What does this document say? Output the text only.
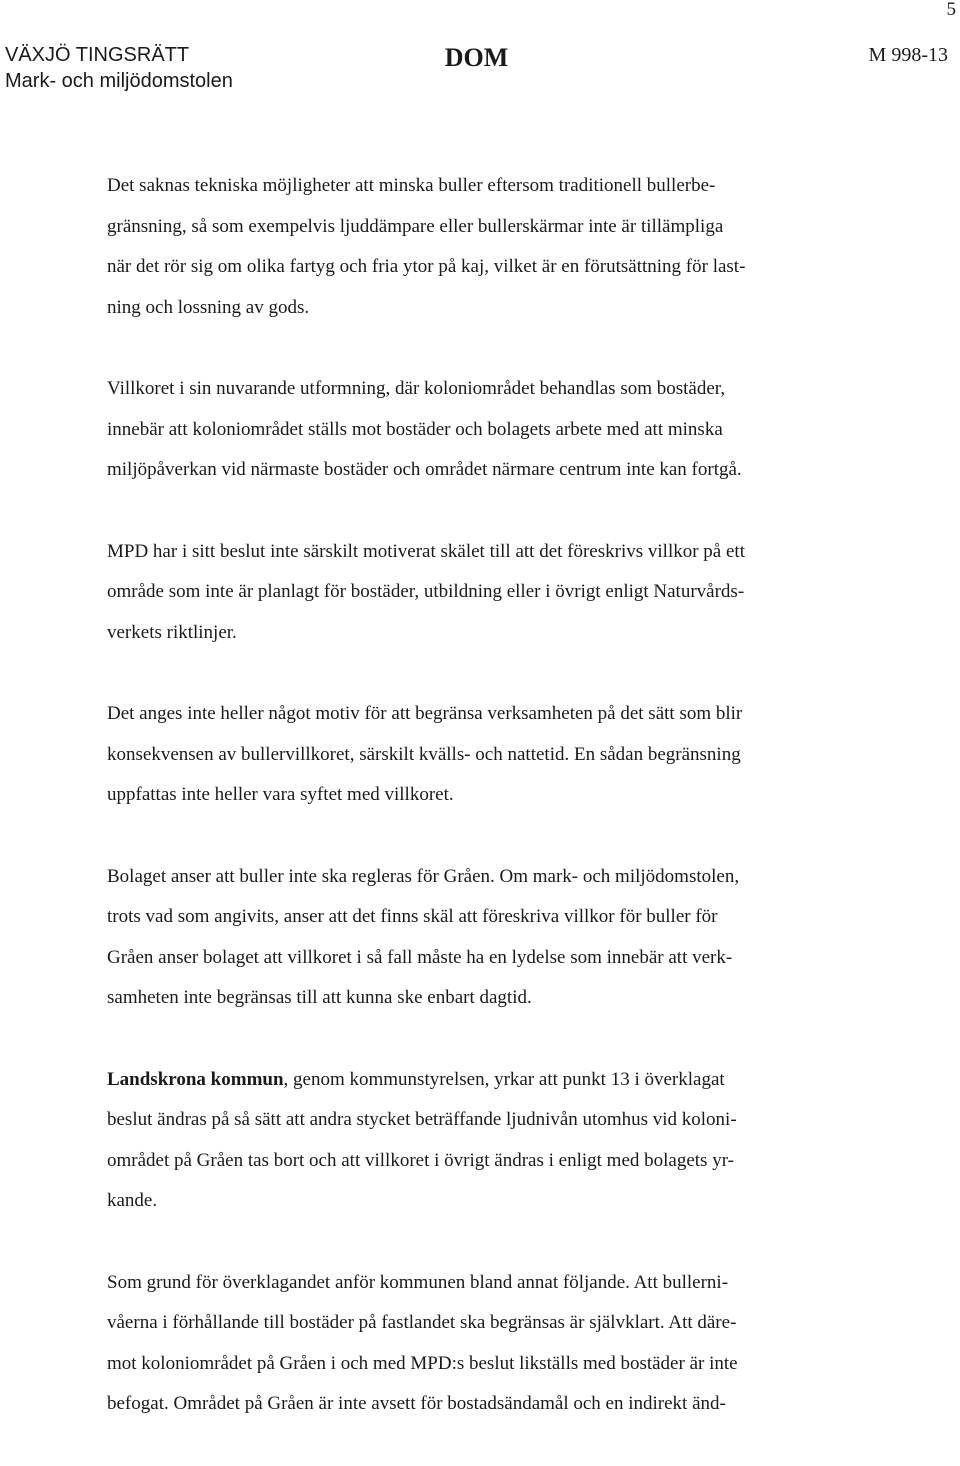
5
VÄXJÖ TINGSRÄTT
Mark- och miljödomstolen
DOM	M 998-13

Det saknas tekniska möjligheter att minska buller eftersom traditionell bullerbe-
gränsning, så som exempelvis ljuddämpare eller bullerskärmar inte är tillämpliga
när det rör sig om olika fartyg och fria ytor på kaj, vilket är en förutsättning för last-
ning och lossning av gods.

Villkoret i sin nuvarande utformning, där koloniområdet behandlas som bostäder,
innebär att koloniområdet ställs mot bostäder och bolagets arbete med att minska
miljöpåverkan vid närmaste bostäder och området närmare centrum inte kan fortgå.

MPD har i sitt beslut inte särskilt motiverat skälet till att det föreskrivs villkor på ett
område som inte är planlagt för bostäder, utbildning eller i övrigt enligt Naturvårds-
verkets riktlinjer.

Det anges inte heller något motiv för att begränsa verksamheten på det sätt som blir
konsekvensen av bullervillkoret, särskilt kvälls- och nattetid. En sådan begränsning
uppfattas inte heller vara syftet med villkoret.

Bolaget anser att buller inte ska regleras för Gråen. Om mark- och miljödomstolen,
trots vad som angivits, anser att det finns skäl att föreskriva villkor för buller för
Gråen anser bolaget att villkoret i så fall måste ha en lydelse som innebär att verk-
samheten inte begränsas till att kunna ske enbart dagtid.

Landskrona kommun, genom kommunstyrelsen, yrkar att punkt 13 i överklagat
beslut ändras på så sätt att andra stycket beträffande ljudnivån utomhus vid koloni-
området på Gråen tas bort och att villkoret i övrigt ändras i enligt med bolagets yr-
kande.

Som grund för överklagandet anför kommunen bland annat följande. Att bullerni-
våerna i förhållande till bostäder på fastlandet ska begränsas är självklart. Att däre-
mot koloniområdet på Gråen i och med MPD:s beslut likställs med bostäder är inte
befogat. Området på Gråen är inte avsett för bostadsändamål och en indirekt änd-
